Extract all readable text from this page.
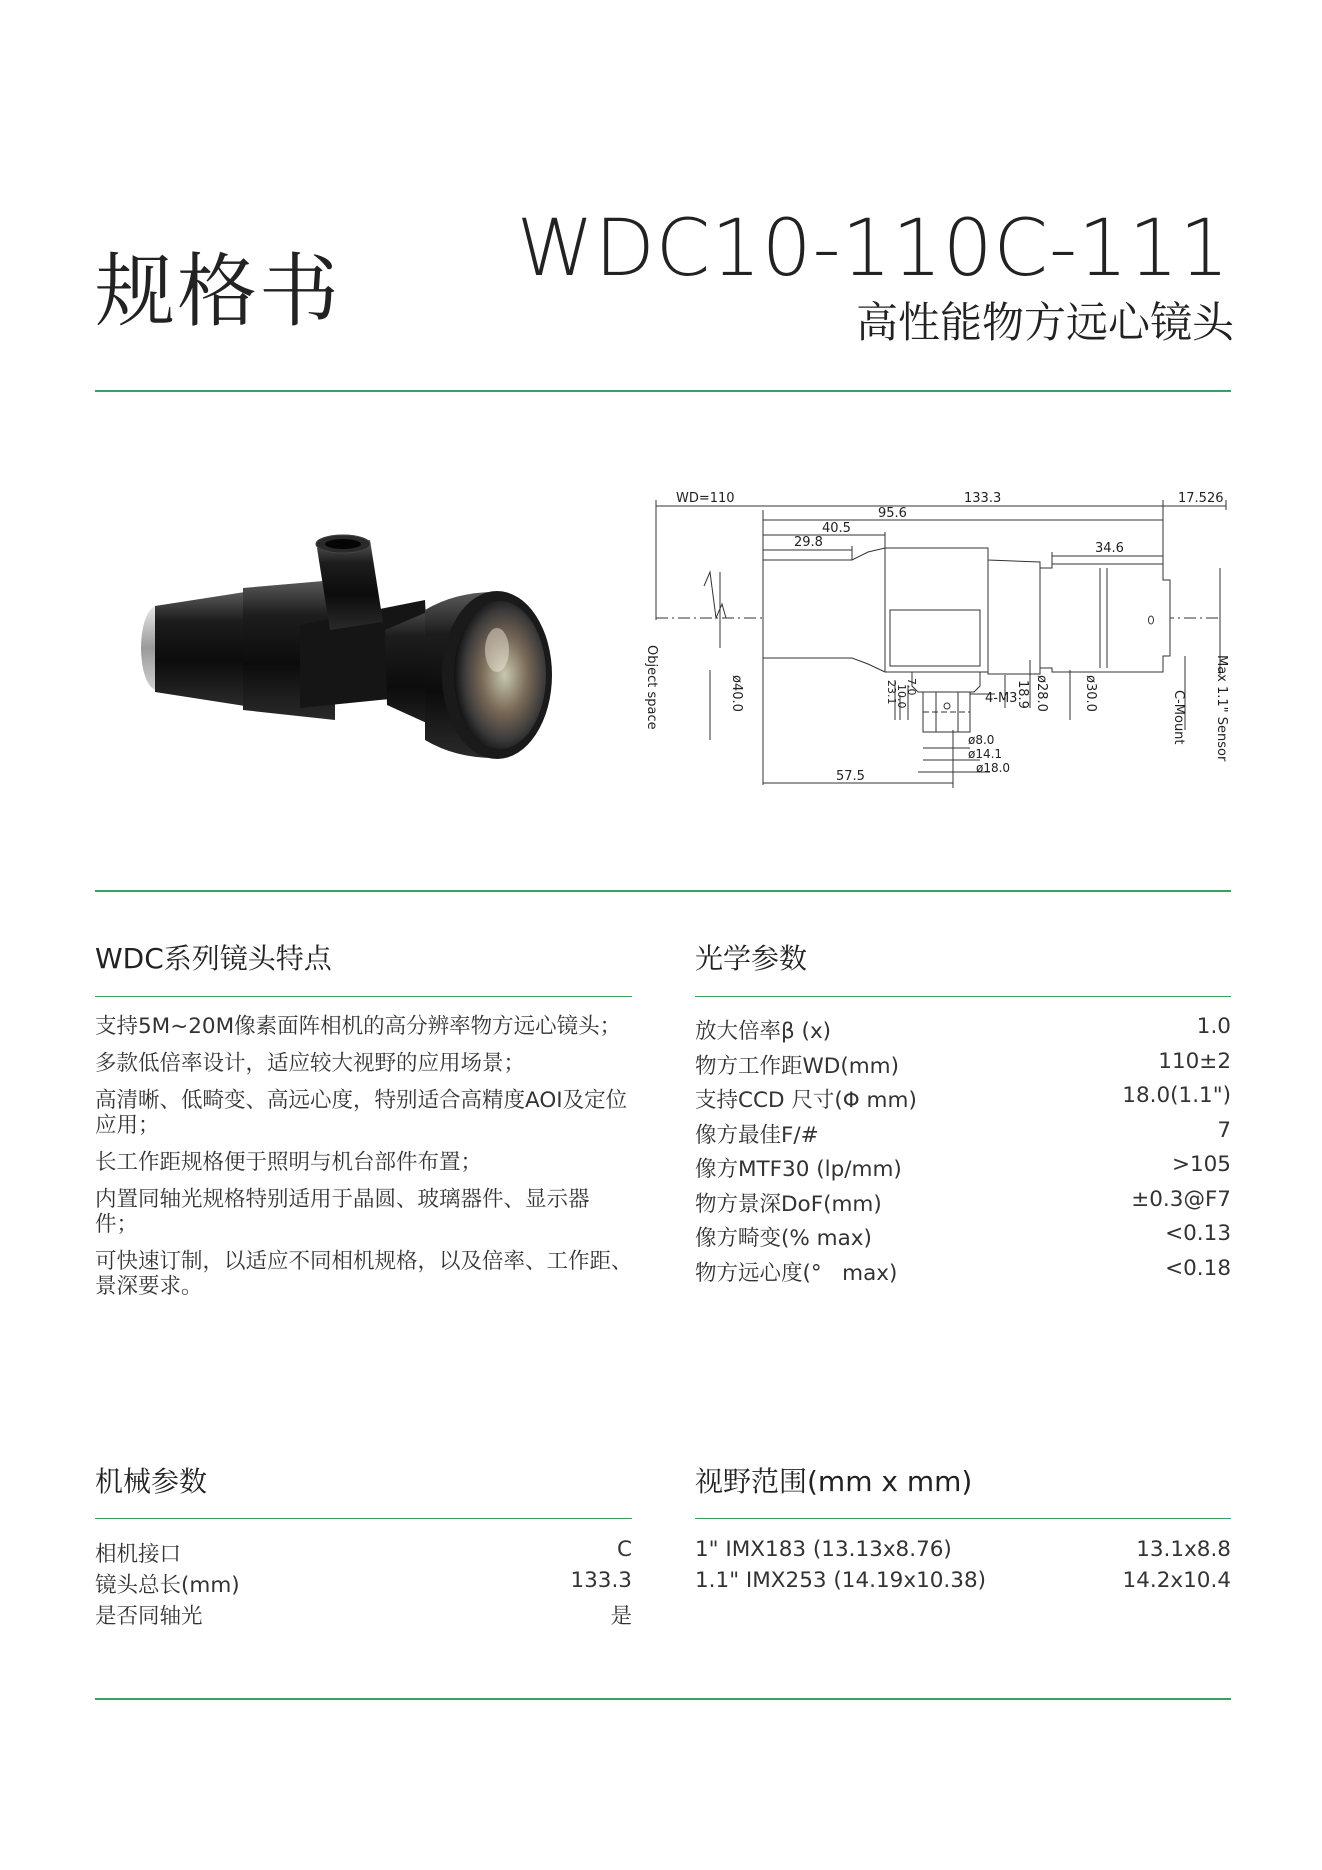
规格书 WDC10-110C-111
高性能物方远心镜头
WD=110	133.3	17.526
95.6
40.5
29.8	34.6
4-M3
ø8.0
ø14.1
ø18.0
57.5
Object space	ø40.0	23.1
10.0
7.0	18.9 ø28.0	ø30.0	C-Mount Max 1.1" Sensor
WDC系列镜头特点
支持5M~20M像素面阵相机的高分辨率物方远心镜头；
多款低倍率设计，适应较大视野的应用场景；
高清晰、低畸变、高远心度，特别适合高精度AOI及定位应用；
长工作距规格便于照明与机台部件布置；
内置同轴光规格特别适用于晶圆、玻璃器件、显示器件；
可快速订制，以适应不同相机规格，以及倍率、工作距、景深要求。
光学参数
放大倍率β (x)	1.0
物方工作距WD(mm)	110±2
支持CCD 尺寸(Φ mm)	18.0(1.1")
像方最佳F/#	7
像方MTF30 (lp/mm)	>105
物方景深DoF(mm)	±0.3@F7
像方畸变(% max)	<0.13
物方远心度(°   max)	<0.18
机械参数
相机接口	C
镜头总长(mm)	133.3
是否同轴光	是
视野范围(mm x mm)
1" IMX183 (13.13x8.76)	13.1x8.8
1.1" IMX253 (14.19x10.38)	14.2x10.4
